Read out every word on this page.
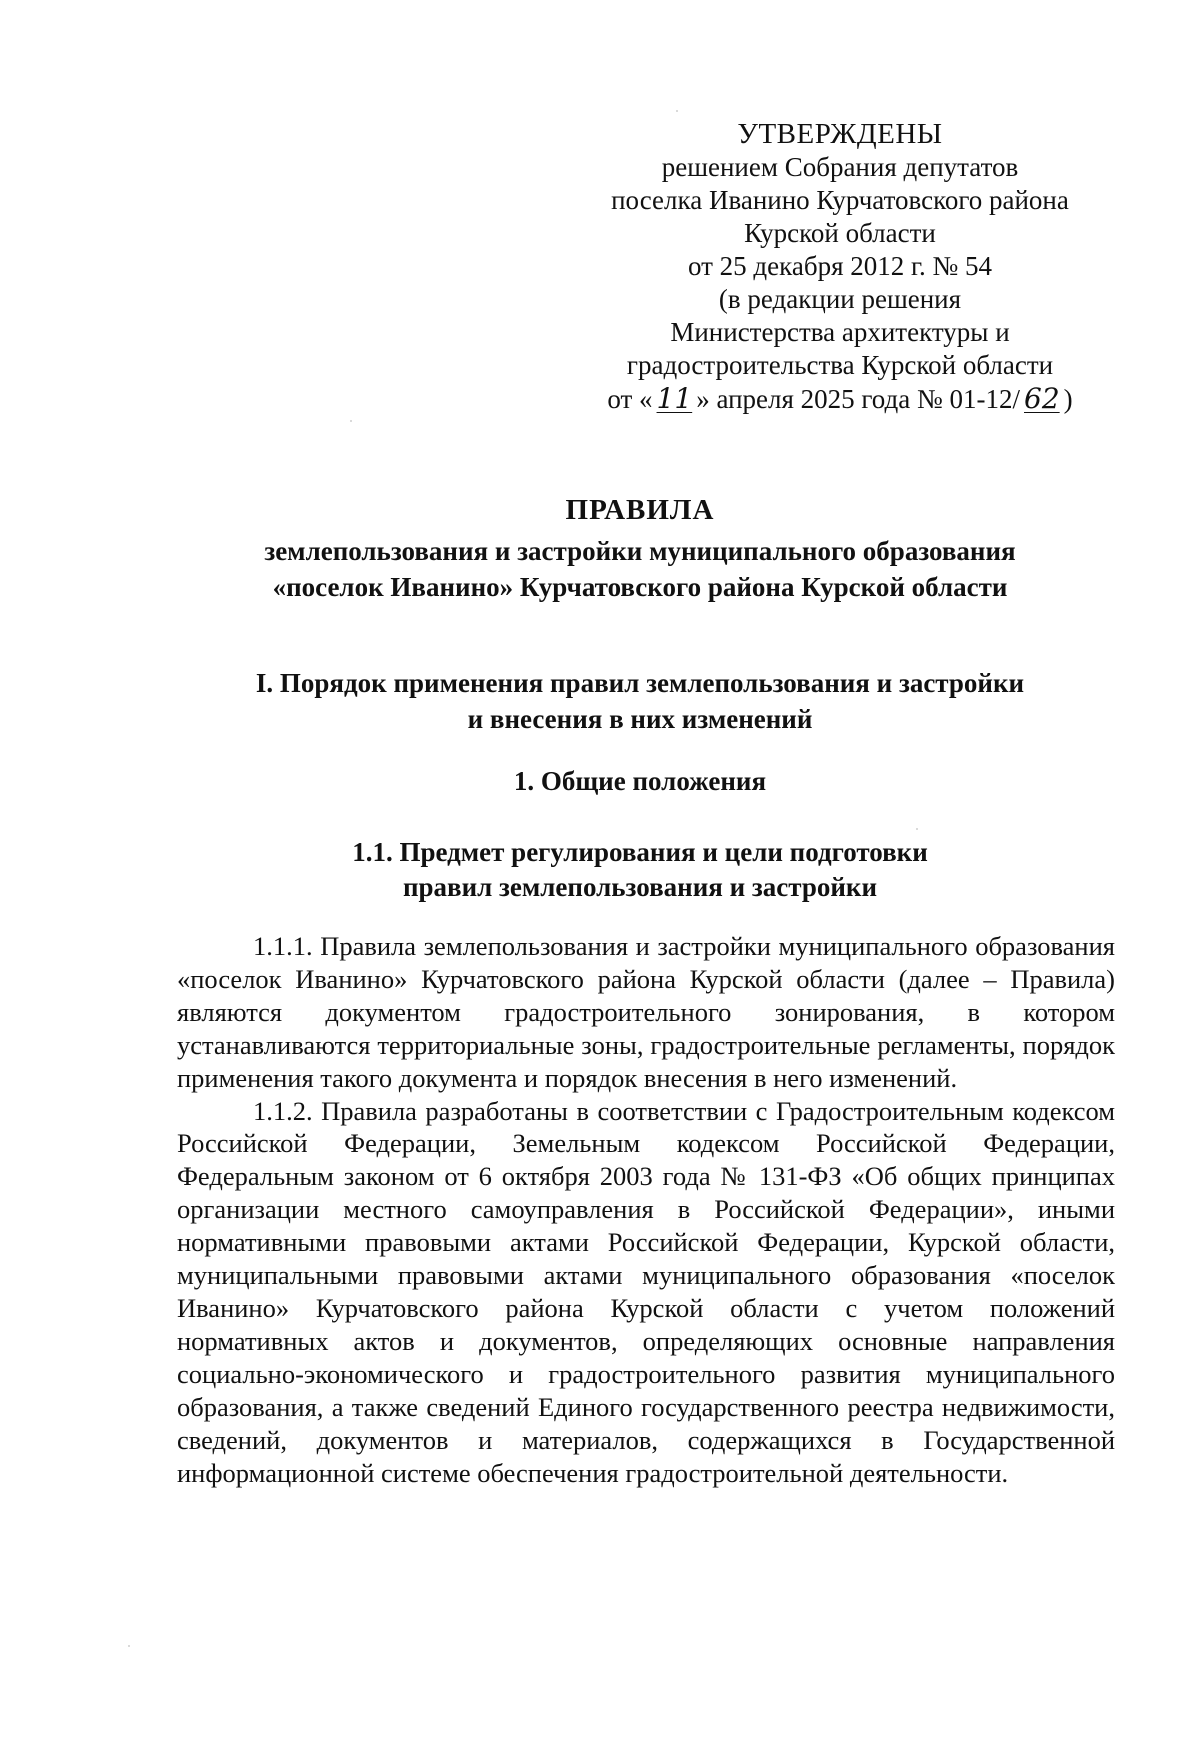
УТВЕРЖДЕНЫ
решением Собрания депутатов
поселка Иванино Курчатовского района
Курской области
от 25 декабря 2012 г. № 54
(в редакции решения
Министерства архитектуры и
градостроительства Курской области
от « 11 » апреля 2025 года № 01-12/ 62 )
ПРАВИЛА
землепользования и застройки муниципального образования
«поселок Иванино» Курчатовского района Курской области
I. Порядок применения правил землепользования и застройки
и внесения в них изменений
1. Общие положения
1.1. Предмет регулирования и цели подготовки
правил землепользования и застройки

1.1.1. Правила землепользования и застройки муниципального образования «поселок Иванино» Курчатовского района Курской области (далее – Правила) являются документом градостроительного зонирования, в котором устанавливаются территориальные зоны, градостроительные регламенты, порядок применения такого документа и порядок внесения в него изменений.

1.1.2. Правила разработаны в соответствии с Градостроительным кодексом Российской Федерации, Земельным кодексом Российской Федерации, Федеральным законом от 6 октября 2003 года № 131-ФЗ «Об общих принципах организации местного самоуправления в Российской Федерации», иными нормативными правовыми актами Российской Федерации, Курской области, муниципальными правовыми актами муниципального образования «поселок Иванино» Курчатовского района Курской области с учетом положений нормативных актов и документов, определяющих основные направления социально-экономического и градостроительного развития муниципального образования, а также сведений Единого государственного реестра недвижимости, сведений, документов и материалов, содержащихся в Государственной информационной системе обеспечения градостроительной деятельности.
